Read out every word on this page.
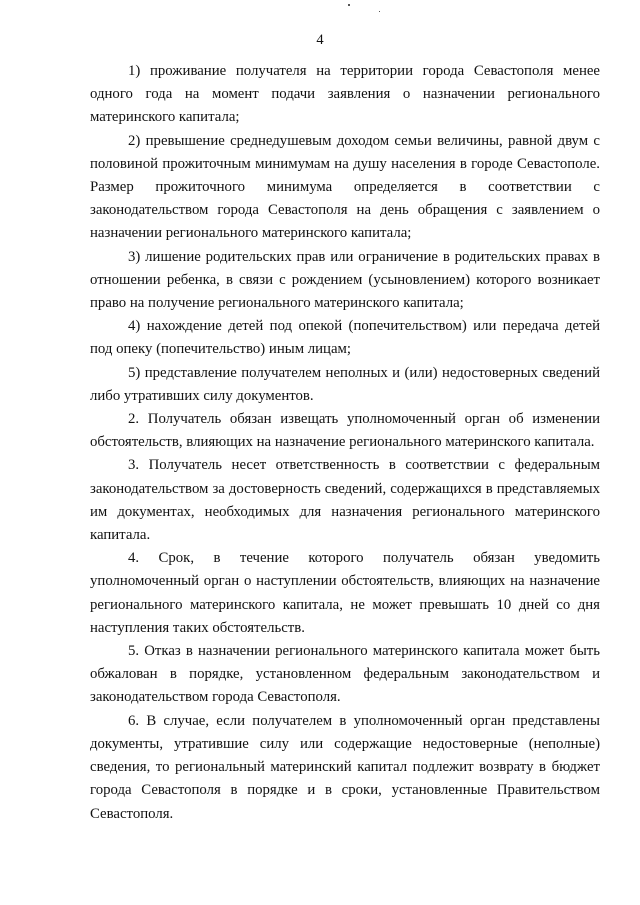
4

1) проживание получателя на территории города Севастополя менее одного года на момент подачи заявления о назначении регионального материнского капитала;

2) превышение среднедушевым доходом семьи величины, равной двум с половиной прожиточным минимумам на душу населения в городе Севастополе. Размер прожиточного минимума определяется в соответствии с законодательством города Севастополя на день обращения с заявлением о назначении регионального материнского капитала;

3) лишение родительских прав или ограничение в родительских правах в отношении ребенка, в связи с рождением (усыновлением) которого возникает право на получение регионального материнского капитала;

4) нахождение детей под опекой (попечительством) или передача детей под опеку (попечительство) иным лицам;

5) представление получателем неполных и (или) недостоверных сведений либо утративших силу документов.

2. Получатель обязан извещать уполномоченный орган об изменении обстоятельств, влияющих на назначение регионального материнского капитала.

3. Получатель несет ответственность в соответствии с федеральным законодательством за достоверность сведений, содержащихся в представляемых им документах, необходимых для назначения регионального материнского капитала.

4. Срок, в течение которого получатель обязан уведомить уполномоченный орган о наступлении обстоятельств, влияющих на назначение регионального материнского капитала, не может превышать 10 дней со дня наступления таких обстоятельств.

5. Отказ в назначении регионального материнского капитала может быть обжалован в порядке, установленном федеральным законодательством и законодательством города Севастополя.

6. В случае, если получателем в уполномоченный орган представлены документы, утратившие силу или содержащие недостоверные (неполные) сведения, то региональный материнский капитал подлежит возврату в бюджет города Севастополя в порядке и в сроки, установленные Правительством Севастополя.
